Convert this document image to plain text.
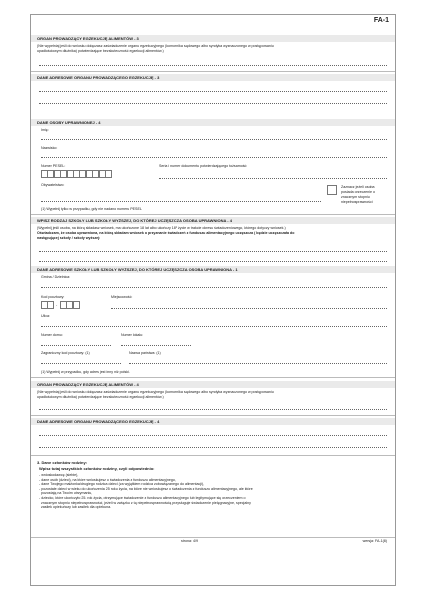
FA-1
ORGAN PROWADZĄCY EGZEKUCJĘ ALIMENTÓW - 3
(Nie wypełniaj jeśli do wniosku dołączasz zaświadczenie organu egzekucyjnego (komornika sądowego albo syndyka wyznaczonego w postępowaniu
upadłościowym dłużnika) potwierdzające bezskuteczność egzekucji alimentów.)
DANE ADRESOWE ORGANU PROWADZĄCEGO EGZEKUCJĘ - 3
DANE OSOBY UPRAWNIONEJ - 4
Imię:
Nazwisko:
Numer PESEL:	Seria i numer dokumentu potwierdzającego tożsamość:
Obywatelstwo:	Zaznacz jeżeli osoba
posiada orzeczenie o
znacznym stopniu
niepełnosprawności
(1) Wypełnij tylko w przypadku, gdy nie nadano numeru PESEL
WPISZ RODZAJ SZKOŁY LUB SZKOŁY WYŻSZEJ, DO KTÓREJ UCZĘSZCZA OSOBA UPRAWNIONA - 4
(Wypełnij jeśli osoba, na którą składasz wniosek, ma ukończone 18 lat albo ukończy 18¹ życie w trakcie okresu świadczeniowego, którego dotyczy wniosek.)
Oświadczam, że osoba uprawniona, na którą składam wniosek o przyznanie świadczeń z funduszu alimentacyjnego uczęszcza ( będzie uczęszczała do
następującej szkoły / szkoły wyższej:
DANE ADRESOWE SZKOŁY LUB SZKOŁY WYŻSZEJ, DO KTÓREJ UCZĘSZCZA OSOBA UPRAWNIONA - 1
Gmina / Dzielnica:
Kod pocztowy:
-
Miejscowość:
Ulica:
Numer domu:	Numer lokalu:
Zagraniczny kod pocztowy: (1)	Nazwa państwa: (1)
(1) Wypełnij w przypadku, gdy adres jest inny niż polski.
ORGAN PROWADZĄCY EGZEKUCJĘ ALIMENTÓW - 4
(Nie wypełniaj jeśli do wniosku dołączasz zaświadczenie organu egzekucyjnego (komornika sądowego albo syndyka wyznaczonego w postępowaniu
upadłościowym dłużnika) potwierdzające bezskuteczność egzekucji alimentów.)
DANE ADRESOWE ORGANU PROWADZĄCEGO EGZEKUCJĘ - 4
3. Dane członków rodziny:
Wpisz tutaj wszystkich członków rodziny, czyli odpowiednio:
- wnioskodawcę (siebie),
- dane osób (dzieci), na które wnioskujesz o świadczenia z funduszu alimentacyjnego,
- dane Twojego małżonka/drugiego rodzica dzieci (za wyjątkiem rodzica zobowiązanego do alimentacji),
- pozostałe dzieci w wieku do ukończenia 25 roku życia, na które nie wnioskujesz o świadczenia z funduszu alimentacyjnego, ale które
pozostają na Twoim utrzymaniu,
- dziecko, które ukończyło 25. rok życia, otrzymujące świadczenie z funduszu alimentacyjnego lub legitymujące się orzeczeniem o
znacznym stopniu niepełnosprawności, jeżeli w związku z tą niepełnosprawnością przysługuje świadczenie pielęgnacyjne, specjalny
zasiłek opiekuńczy lub zasiłek dla opiekuna.
strona: 4/9	wersja: FA-1(8)
